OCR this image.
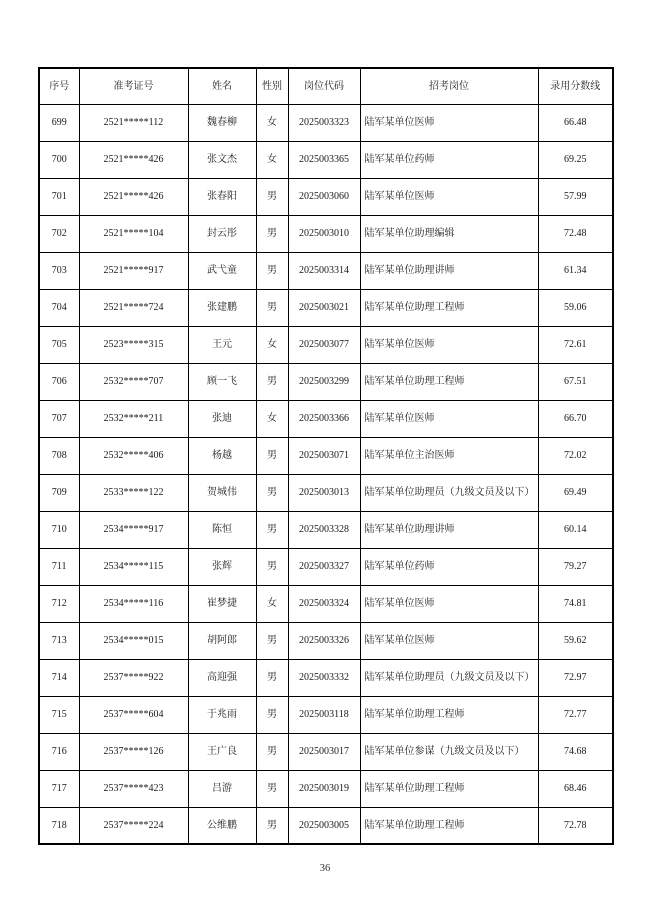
序号	准考证号	姓名	性别	岗位代码	招考岗位	录用分数线
699	2521*****112	魏春柳	女	2025003323	陆军某单位医师	66.48
700	2521*****426	张文杰	女	2025003365	陆军某单位药师	69.25
701	2521*****426	张春阳	男	2025003060	陆军某单位医师	57.99
702	2521*****104	封云彤	男	2025003010	陆军某单位助理编辑	72.48
703	2521*****917	武弋童	男	2025003314	陆军某单位助理讲师	61.34
704	2521*****724	张建鹏	男	2025003021	陆军某单位助理工程师	59.06
705	2523*****315	王元	女	2025003077	陆军某单位医师	72.61
706	2532*****707	顾一飞	男	2025003299	陆军某单位助理工程师	67.51
707	2532*****211	张迪	女	2025003366	陆军某单位医师	66.70
708	2532*****406	杨越	男	2025003071	陆军某单位主治医师	72.02
709	2533*****122	贺城伟	男	2025003013	陆军某单位助理员（九级文员及以下）	69.49
710	2534*****917	陈恒	男	2025003328	陆军某单位助理讲师	60.14
711	2534*****115	张辉	男	2025003327	陆军某单位药师	79.27
712	2534*****116	崔梦捷	女	2025003324	陆军某单位医师	74.81
713	2534*****015	胡阿郎	男	2025003326	陆军某单位医师	59.62
714	2537*****922	高迎强	男	2025003332	陆军某单位助理员（九级文员及以下）	72.97
715	2537*****604	于兆雨	男	2025003118	陆军某单位助理工程师	72.77
716	2537*****126	王广良	男	2025003017	陆军某单位参谋（九级文员及以下）	74.68
717	2537*****423	吕游	男	2025003019	陆军某单位助理工程师	68.46
718	2537*****224	公维鹏	男	2025003005	陆军某单位助理工程师	72.78
36
